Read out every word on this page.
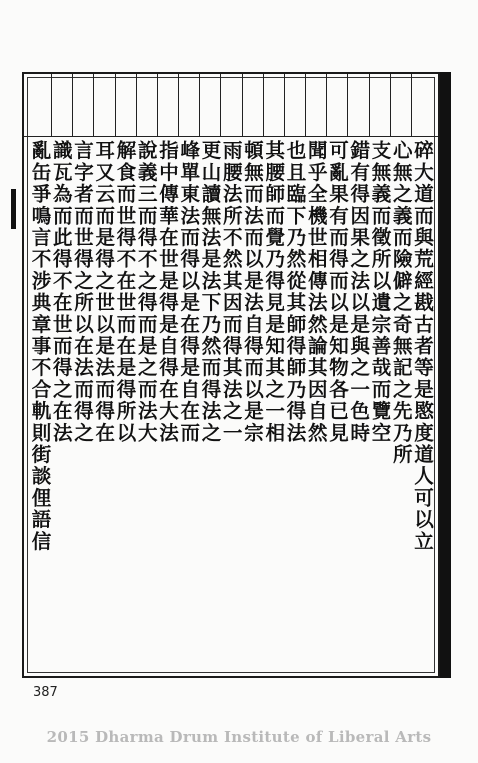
碎大道而與荒經戡古者等是愍度道人可以立
心無之義而險僻之奇無記之先乃所
支無義而徵所以遺宗善哉而覽空
錯有得因果之法以是與之一色時
可亂果有而得而以是知物各已見
聞乎全機世相傳法然論其因自然
也且臨下乃然從其師得師乃得法
其腰師而覺乃得見是知其之一相
頓無而法而以是法自得而以是宗
雨腰法所不然其因而得其法之一
更山讀無法是法下乃然而得法之
峰單東法而得以是在得是自在而
指中傳華在世是得是自得在大法
說義三而得不之得而是之而法大
解食而世得不在世而在是得所以
耳又云而是得之世以是法而得在
言字者而世得之所以在法而得之
識瓦為而此得不在世而得之在法
亂缶爭鳴言不涉典章事不合軌則街談俚語信
387
2015 Dharma Drum Institute of Liberal Arts
